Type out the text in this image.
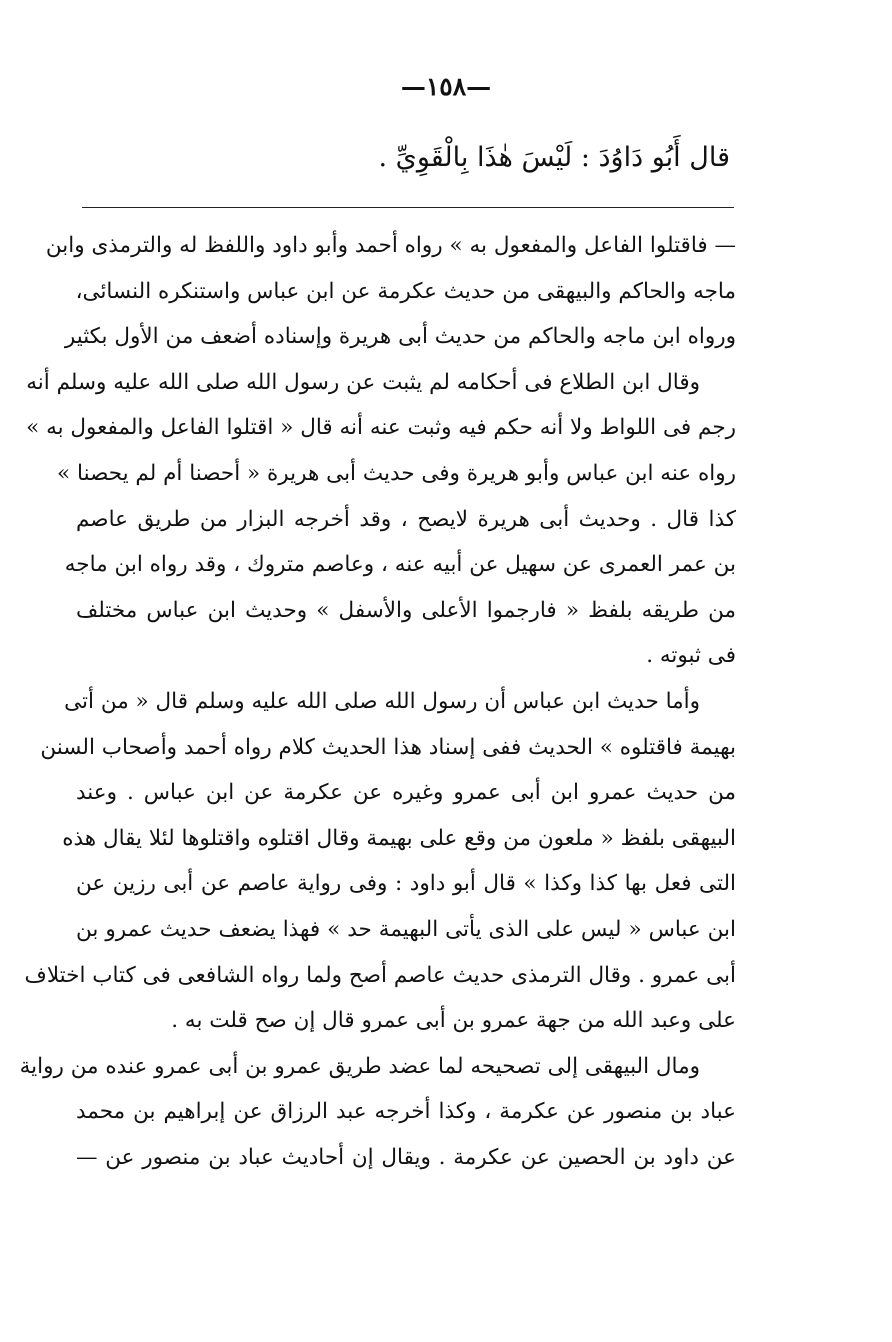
—١٥٨—
قال أَبُو دَاوُدَ : لَيْسَ هٰذَا بِالْقَوِيِّ .
— فاقتلوا الفاعل والمفعول به » رواه أحمد وأبو داود واللفظ له والترمذى وابن
ماجه والحاكم والبيهقى من حديث عكرمة عن ابن عباس واستنكره النسائى،
ورواه ابن ماجه والحاكم من حديث أبى هريرة وإسناده أضعف من الأول بكثير
وقال ابن الطلاع فى أحكامه لم يثبت عن رسول الله صلى الله عليه وسلم أنه
رجم فى اللواط ولا أنه حكم فيه وثبت عنه أنه قال « اقتلوا الفاعل والمفعول به »
رواه عنه ابن عباس وأبو هريرة وفى حديث أبى هريرة « أحصنا أم لم يحصنا »
كذا قال . وحديث أبى هريرة لايصح ، وقد أخرجه البزار من طريق عاصم
بن عمر العمرى عن سهيل عن أبيه عنه ، وعاصم متروك ، وقد رواه ابن ماجه
من طريقه بلفظ « فارجموا الأعلى والأسفل » وحديث ابن عباس مختلف
فى ثبوته .
وأما حديث ابن عباس أن رسول الله صلى الله عليه وسلم قال « من أتى
بهيمة فاقتلوه » الحديث ففى إسناد هذا الحديث كلام رواه أحمد وأصحاب السنن
من حديث عمرو ابن أبى عمرو وغيره عن عكرمة عن ابن عباس . وعند
البيهقى بلفظ « ملعون من وقع على بهيمة وقال اقتلوه واقتلوها لئلا يقال هذه
التى فعل بها كذا وكذا » قال أبو داود : وفى رواية عاصم عن أبى رزين عن
ابن عباس « ليس على الذى يأتى البهيمة حد » فهذا يضعف حديث عمرو بن
أبى عمرو . وقال الترمذى حديث عاصم أصح ولما رواه الشافعى فى كتاب اختلاف
على وعبد الله من جهة عمرو بن أبى عمرو قال إن صح قلت به .
ومال البيهقى إلى تصحيحه لما عضد طريق عمرو بن أبى عمرو عنده من رواية
عباد بن منصور عن عكرمة ، وكذا أخرجه عبد الرزاق عن إبراهيم بن محمد
عن داود بن الحصين عن عكرمة . ويقال إن أحاديث عباد بن منصور عن —
